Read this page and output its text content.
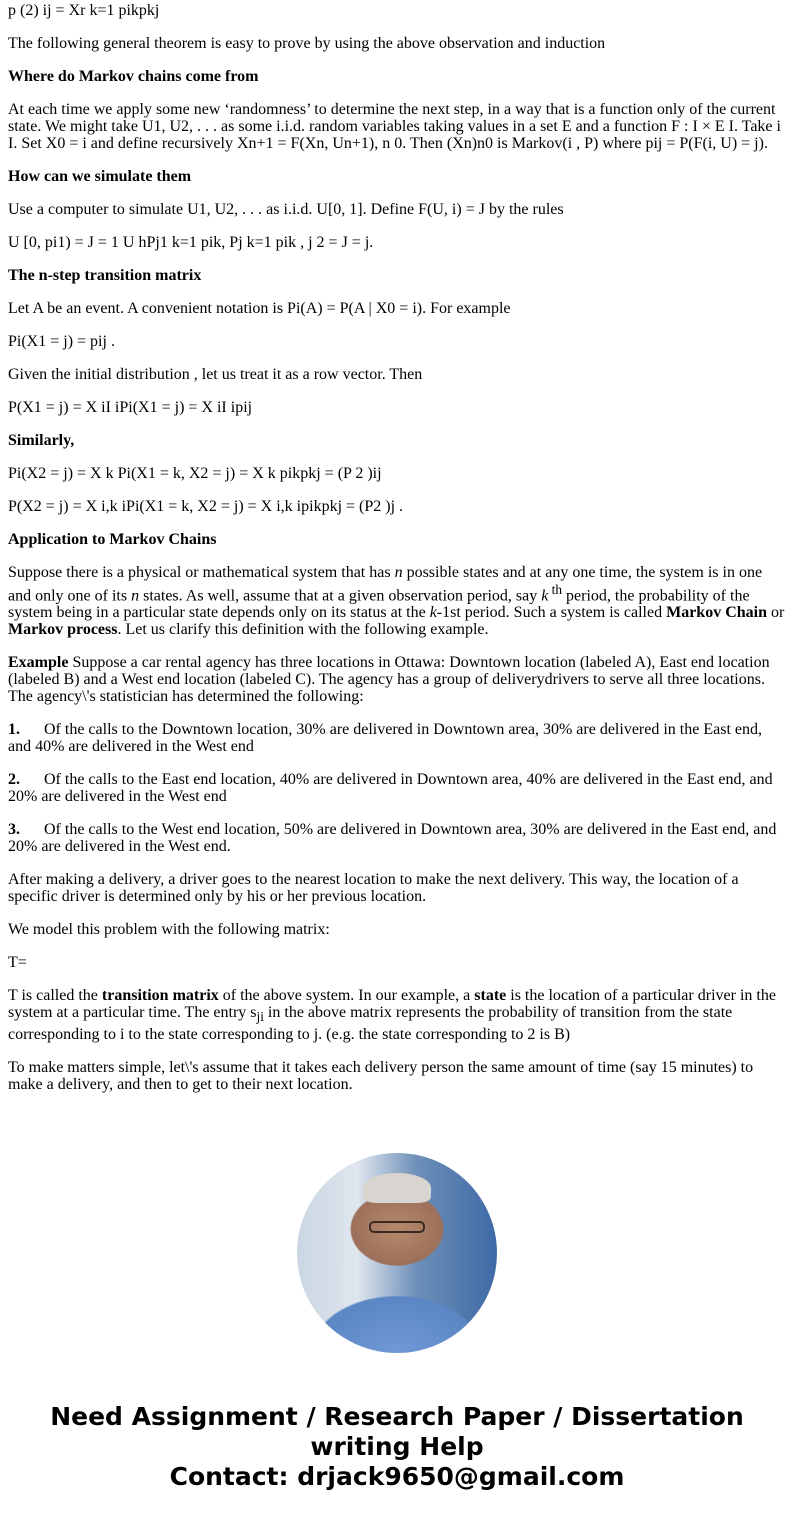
p (2) ij = Xr k=1 pikpkj

The following general theorem is easy to prove by using the above observation and induction

Where do Markov chains come from

At each time we apply some new ‘randomness’ to determine the next step, in a way that is a function only of the current state. We might take U1, U2, . . . as some i.i.d. random variables taking values in a set E and a function F : I × E I. Take i I. Set X0 = i and define recursively Xn+1 = F(Xn, Un+1), n 0. Then (Xn)n0 is Markov(i , P) where pij = P(F(i, U) = j).

How can we simulate them

Use a computer to simulate U1, U2, . . . as i.i.d. U[0, 1]. Define F(U, i) = J by the rules

U [0, pi1) = J = 1 U hPj1 k=1 pik, Pj k=1 pik , j 2 = J = j.

The n-step transition matrix

Let A be an event. A convenient notation is Pi(A) = P(A | X0 = i). For example

Pi(X1 = j) = pij .

Given the initial distribution , let us treat it as a row vector. Then

P(X1 = j) = X iI iPi(X1 = j) = X iI ipij

Similarly,

Pi(X2 = j) = X k Pi(X1 = k, X2 = j) = X k pikpkj = (P 2 )ij

P(X2 = j) = X i,k iPi(X1 = k, X2 = j) = X i,k ipikpkj = (P2 )j .

Application to Markov Chains

Suppose there is a physical or mathematical system that has n possible states and at any one time, the system is in one and only one of its n states. As well, assume that at a given observation period, say k $^{th}$ period, the probability of the system being in a particular state depends only on its status at the k-1st period. Such a system is called Markov Chain or Markov process. Let us clarify this definition with the following example.

Example Suppose a car rental agency has three locations in Ottawa: Downtown location (labeled A), East end location (labeled B) and a West end location (labeled C). The agency has a group of deliverydrivers to serve all three locations. The agency\'s statistician has determined the following:

1. Of the calls to the Downtown location, 30% are delivered in Downtown area, 30% are delivered in the East end, and 40% are delivered in the West end

2. Of the calls to the East end location, 40% are delivered in Downtown area, 40% are delivered in the East end, and 20% are delivered in the West end

3. Of the calls to the West end location, 50% are delivered in Downtown area, 30% are delivered in the East end, and 20% are delivered in the West end.

After making a delivery, a driver goes to the nearest location to make the next delivery. This way, the location of a specific driver is determined only by his or her previous location.

We model this problem with the following matrix:

T=

T is called the transition matrix of the above system. In our example, a state is the location of a particular driver in the system at a particular time. The entry $s_{ji}$ in the above matrix represents the probability of transition from the state corresponding to i to the state corresponding to j. (e.g. the state corresponding to 2 is B)

To make matters simple, let\'s assume that it takes each delivery person the same amount of time (say 15 minutes) to make a delivery, and then to get to their next location.

Need Assignment / Research Paper / Dissertation writing Help
Contact: drjack9650@gmail.com
